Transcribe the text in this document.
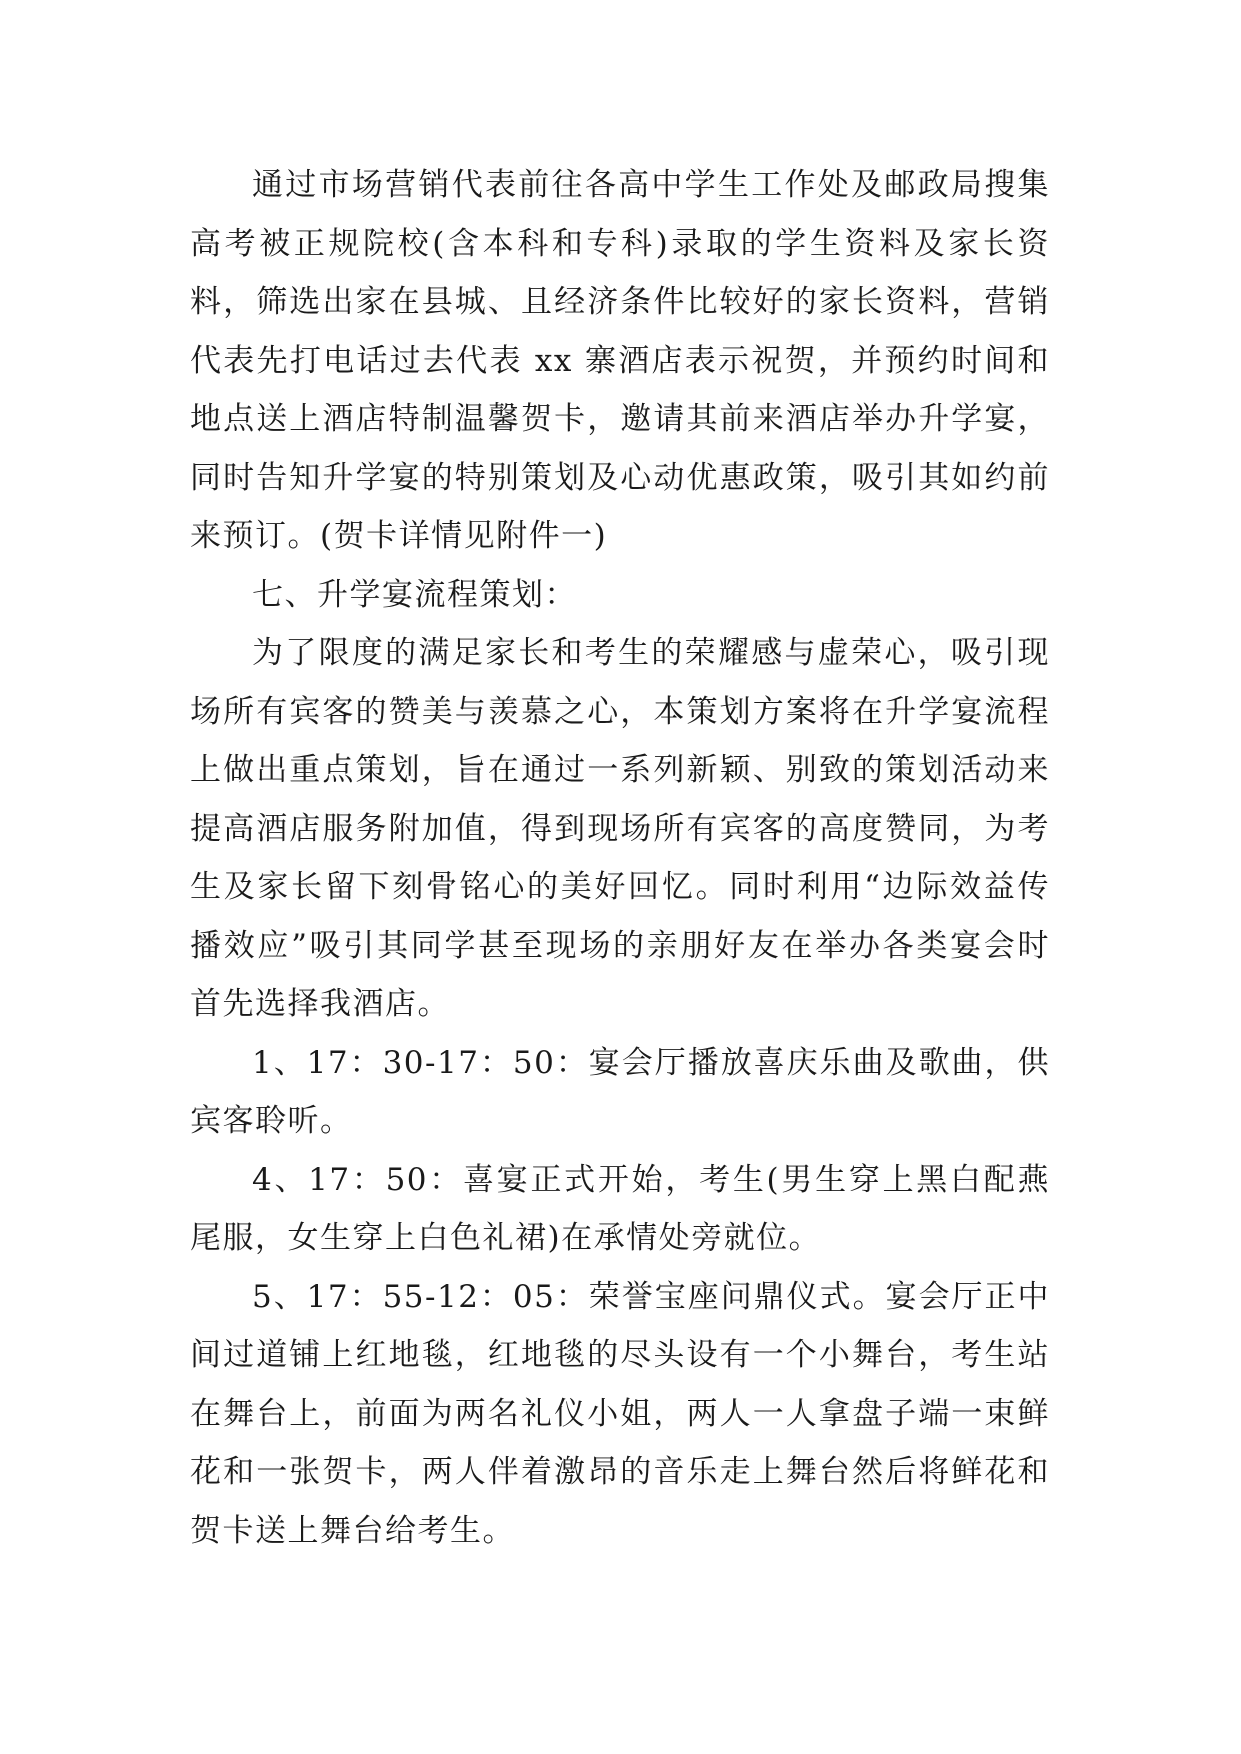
通过市场营销代表前往各高中学生工作处及邮政局搜集高考被正规院校(含本科和专科)录取的学生资料及家长资料，筛选出家在县城、且经济条件比较好的家长资料，营销代表先打电话过去代表 xx 寨酒店表示祝贺，并预约时间和地点送上酒店特制温馨贺卡，邀请其前来酒店举办升学宴，同时告知升学宴的特别策划及心动优惠政策，吸引其如约前来预订。(贺卡详情见附件一)

七、升学宴流程策划：

为了限度的满足家长和考生的荣耀感与虚荣心，吸引现场所有宾客的赞美与羡慕之心，本策划方案将在升学宴流程上做出重点策划，旨在通过一系列新颖、别致的策划活动来提高酒店服务附加值，得到现场所有宾客的高度赞同，为考生及家长留下刻骨铭心的美好回忆。同时利用“边际效益传播效应”吸引其同学甚至现场的亲朋好友在举办各类宴会时首先选择我酒店。

1、17：30-17：50：宴会厅播放喜庆乐曲及歌曲，供宾客聆听。

4、17：50：喜宴正式开始，考生(男生穿上黑白配燕尾服，女生穿上白色礼裙)在承情处旁就位。

5、17：55-12：05：荣誉宝座问鼎仪式。宴会厅正中间过道铺上红地毯，红地毯的尽头设有一个小舞台，考生站在舞台上，前面为两名礼仪小姐，两人一人拿盘子端一束鲜花和一张贺卡，两人伴着激昂的音乐走上舞台然后将鲜花和贺卡送上舞台给考生。
